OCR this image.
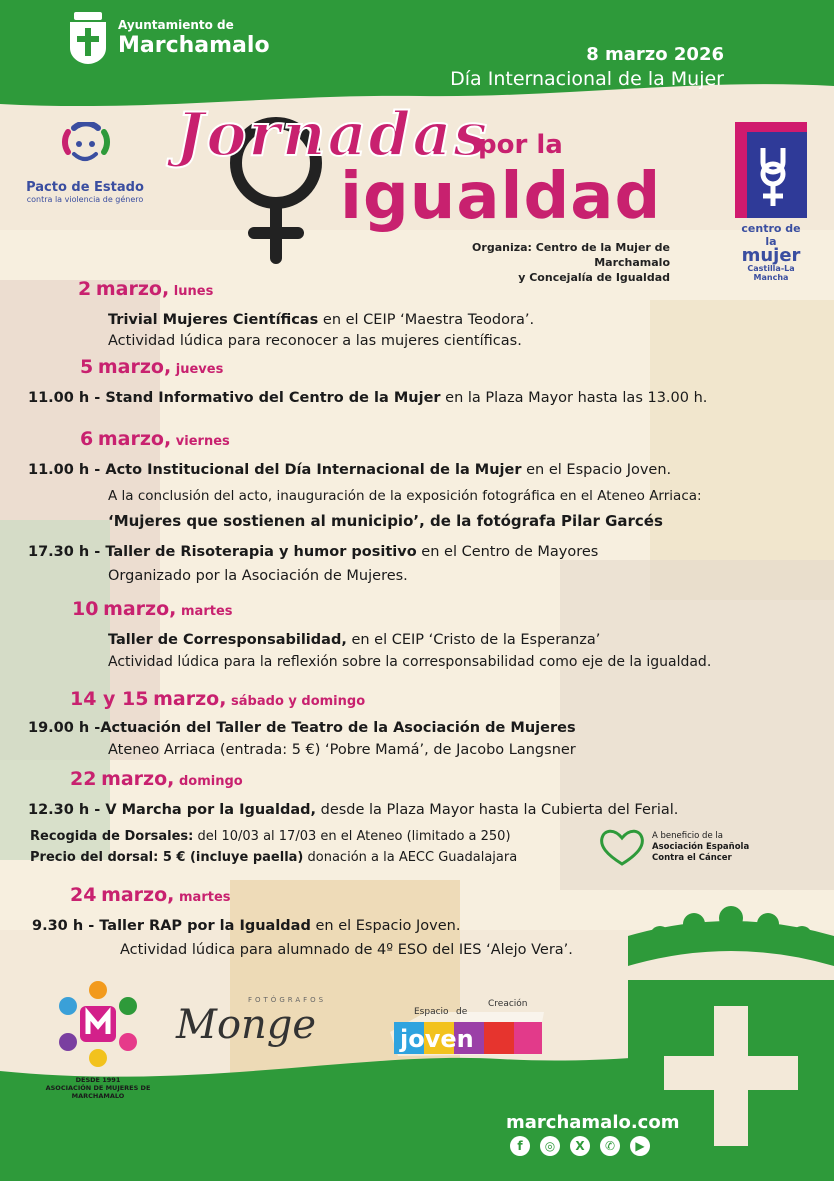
Ayuntamiento de
Marchamalo	8 marzo 2026
Día Internacional de la Mujer
Pacto de Estado
contra la violencia de género
Jornadas
por la
igualdad
Organiza: Centro de la Mujer de Marchamalo
y Concejalía de Igualdad
centro de la
mujer
Castilla-La Mancha
2 marzo, lunes
Trivial Mujeres Científicas en el CEIP ‘Maestra Teodora’.
Actividad lúdica para reconocer a las mujeres científicas.
5 marzo, jueves
11.00 h - Stand Informativo del Centro de la Mujer en la Plaza Mayor hasta las 13.00 h.
6 marzo, viernes
11.00 h - Acto Institucional del Día Internacional de la Mujer en el Espacio Joven.
A la conclusión del acto, inauguración de la exposición fotográfica en el Ateneo Arriaca:
‘Mujeres que sostienen al municipio’, de la fotógrafa Pilar Garcés
17.30 h - Taller de Risoterapia y humor positivo en el Centro de Mayores
Organizado por la Asociación de Mujeres.
10 marzo, martes
Taller de Corresponsabilidad, en el CEIP ‘Cristo de la Esperanza’
Actividad lúdica para la reflexión sobre la corresponsabilidad como eje de la igualdad.
14 y 15 marzo, sábado y domingo
19.00 h -Actuación del Taller de Teatro de la Asociación de Mujeres
Ateneo Arriaca (entrada: 5 €) ‘Pobre Mamá’, de Jacobo Langsner
22 marzo, domingo
12.30 h - V Marcha por la Igualdad, desde la Plaza Mayor hasta la Cubierta del Ferial.
Recogida de Dorsales: del 10/03 al 17/03 en el Ateneo (limitado a 250)
Precio del dorsal: 5 € (incluye paella) donación a la AECC Guadalajara
A beneficio de la
Asociación Española
Contra el Cáncer
24 marzo, martes
9.30 h - Taller RAP por la Igualdad en el Espacio Joven.
Actividad lúdica para alumnado de 4º ESO del IES ‘Alejo Vera’.
DESDE 1991
ASOCIACIÓN DE MUJERES DE
MARCHAMALO
FOTÓGRAFOS
Monge	joven
Espacio de
Creación
marchamalo.com
f	◎	X	✆	▶
